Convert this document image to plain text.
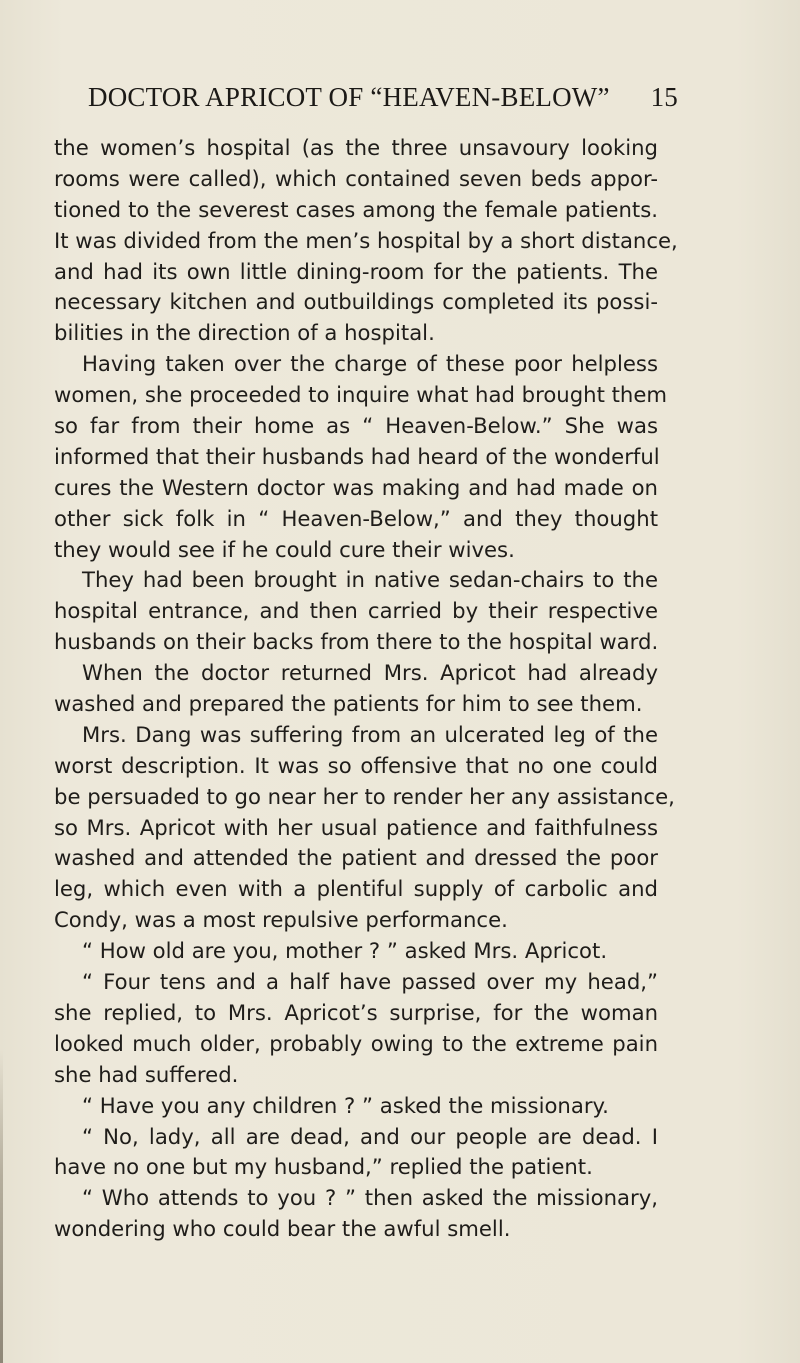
DOCTOR APRICOT OF “HEAVEN-BELOW” 15
the women’s hospital (as the three unsavoury looking
rooms were called), which contained seven beds appor-
tioned to the severest cases among the female patients.
It was divided from the men’s hospital by a short distance,
and had its own little dining-room for the patients. The
necessary kitchen and outbuildings completed its possi-
bilities in the direction of a hospital.
Having taken over the charge of these poor helpless
women, she proceeded to inquire what had brought them
so far from their home as “ Heaven-Below.” She was
informed that their husbands had heard of the wonderful
cures the Western doctor was making and had made on
other sick folk in “ Heaven-Below,” and they thought
they would see if he could cure their wives.
They had been brought in native sedan-chairs to the
hospital entrance, and then carried by their respective
husbands on their backs from there to the hospital ward.
When the doctor returned Mrs. Apricot had already
washed and prepared the patients for him to see them.
Mrs. Dang was suffering from an ulcerated leg of the
worst description. It was so offensive that no one could
be persuaded to go near her to render her any assistance,
so Mrs. Apricot with her usual patience and faithfulness
washed and attended the patient and dressed the poor
leg, which even with a plentiful supply of carbolic and
Condy, was a most repulsive performance.
“ How old are you, mother ? ” asked Mrs. Apricot.
“ Four tens and a half have passed over my head,”
she replied, to Mrs. Apricot’s surprise, for the woman
looked much older, probably owing to the extreme pain
she had suffered.
“ Have you any children ? ” asked the missionary.
“ No, lady, all are dead, and our people are dead. I
have no one but my husband,” replied the patient.
“ Who attends to you ? ” then asked the missionary,
wondering who could bear the awful smell.
